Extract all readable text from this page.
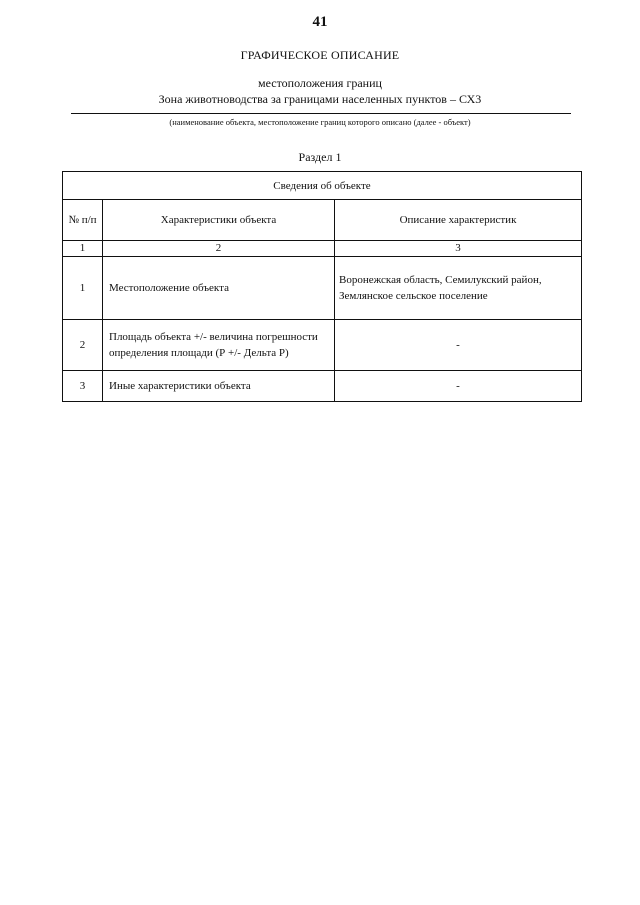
41
ГРАФИЧЕСКОЕ ОПИСАНИЕ
местоположения границ
Зона животноводства за границами населенных пунктов – СХ3
(наименование объекта, местоположение границ которого описано (далее - объект)
Раздел 1
Сведения об объекте		
№ п/п	Характеристики объекта	Описание характеристик
1	2	3
1	Местоположение объекта	Воронежская область, Семилукский район, Землянское сельское поселение
2	Площадь объекта +/- величина погрешности определения площади (Р +/- Дельта Р)	-
3	Иные характеристики объекта	-
